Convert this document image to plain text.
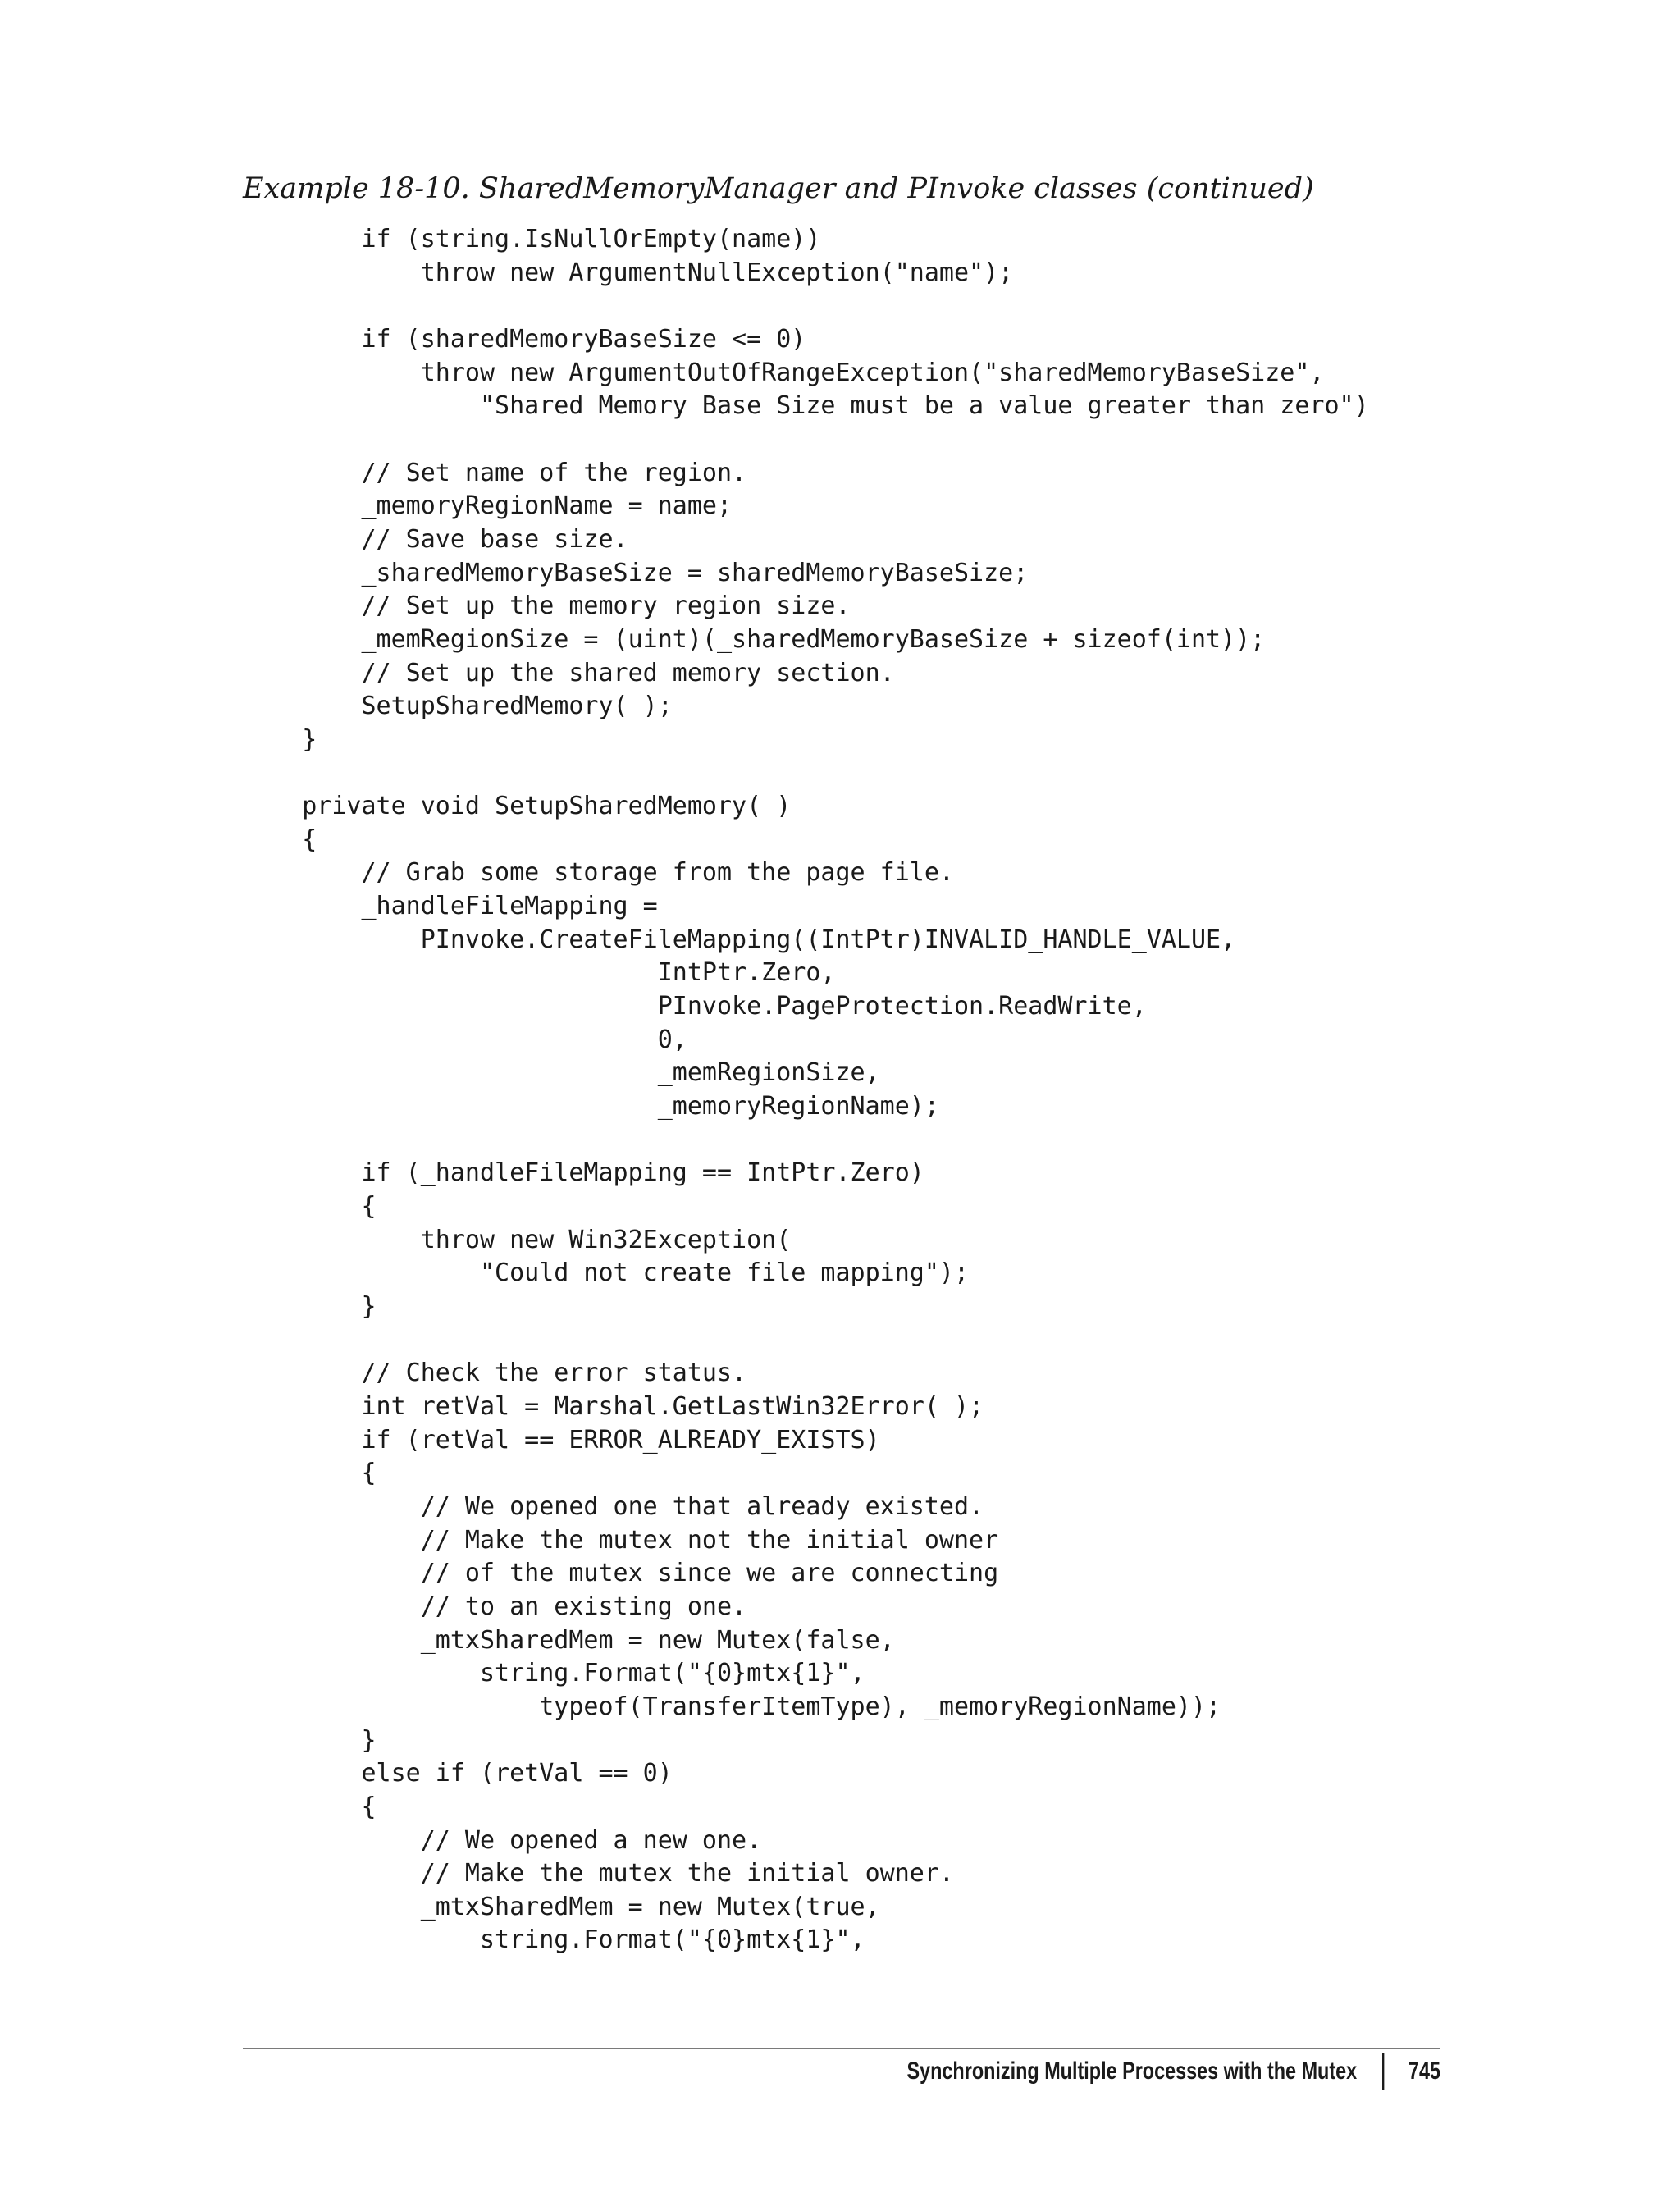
Example 18-10. SharedMemoryManager and PInvoke classes (continued)
if (string.IsNullOrEmpty(name))
throw new ArgumentNullException("name");

if (sharedMemoryBaseSize <= 0)
throw new ArgumentOutOfRangeException("sharedMemoryBaseSize",
"Shared Memory Base Size must be a value greater than zero")

// Set name of the region.
_memoryRegionName = name;
// Save base size.
_sharedMemoryBaseSize = sharedMemoryBaseSize;
// Set up the memory region size.
_memRegionSize = (uint)(_sharedMemoryBaseSize + sizeof(int));
// Set up the shared memory section.
SetupSharedMemory( );
}

private void SetupSharedMemory( )
{
// Grab some storage from the page file.
_handleFileMapping =
PInvoke.CreateFileMapping((IntPtr)INVALID_HANDLE_VALUE,
IntPtr.Zero,
PInvoke.PageProtection.ReadWrite,
0,
_memRegionSize,
_memoryRegionName);

if (_handleFileMapping == IntPtr.Zero)
{
throw new Win32Exception(
"Could not create file mapping");
}

// Check the error status.
int retVal = Marshal.GetLastWin32Error( );
if (retVal == ERROR_ALREADY_EXISTS)
{
// We opened one that already existed.
// Make the mutex not the initial owner
// of the mutex since we are connecting
// to an existing one.
_mtxSharedMem = new Mutex(false,
string.Format("{0}mtx{1}",
typeof(TransferItemType), _memoryRegionName));
}
else if (retVal == 0)
{
// We opened a new one.
// Make the mutex the initial owner.
_mtxSharedMem = new Mutex(true,
string.Format("{0}mtx{1}",
Synchronizing Multiple Processes with the Mutex 745
